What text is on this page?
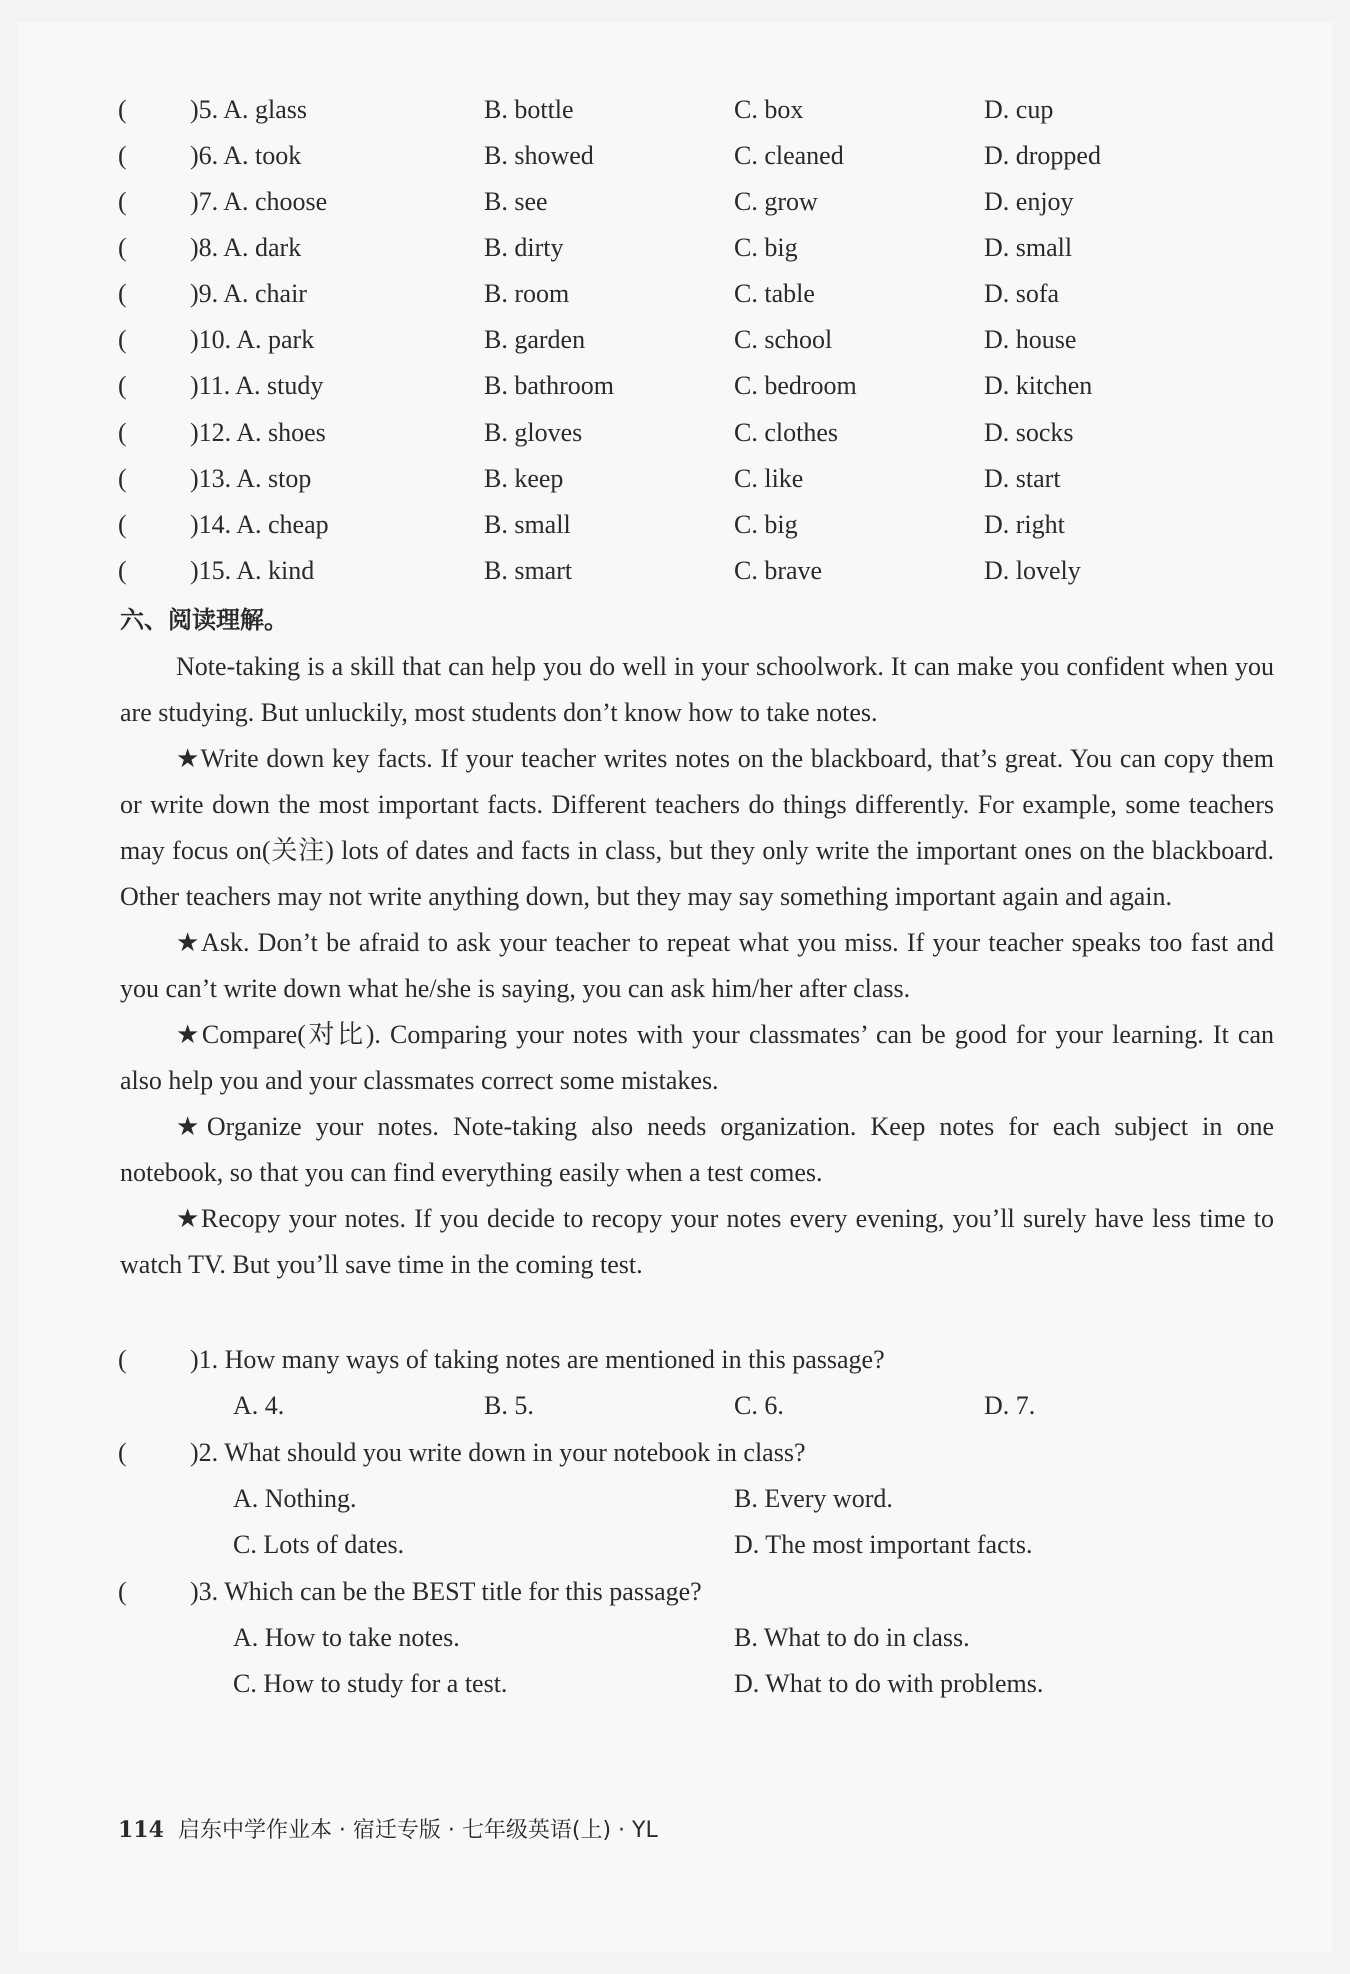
( )5. A. glass	B. bottle	C. box	D. cup
( )6. A. took	B. showed	C. cleaned	D. dropped
( )7. A. choose	B. see	C. grow	D. enjoy
( )8. A. dark	B. dirty	C. big	D. small
( )9. A. chair	B. room	C. table	D. sofa
( )10. A. park	B. garden	C. school	D. house
( )11. A. study	B. bathroom	C. bedroom	D. kitchen
( )12. A. shoes	B. gloves	C. clothes	D. socks
( )13. A. stop	B. keep	C. like	D. start
( )14. A. cheap	B. small	C. big	D. right
( )15. A. kind	B. smart	C. brave	D. lovely
六、阅读理解。

Note-taking is a skill that can help you do well in your schoolwork. It can make you confident when you are studying. But unluckily, most students don’t know how to take notes.

★Write down key facts. If your teacher writes notes on the blackboard, that’s great. You can copy them or write down the most important facts. Different teachers do things differently. For example, some teachers may focus on(关注) lots of dates and facts in class, but they only write the important ones on the blackboard. Other teachers may not write anything down, but they may say something important again and again.

★Ask. Don’t be afraid to ask your teacher to repeat what you miss. If your teacher speaks too fast and you can’t write down what he/she is saying, you can ask him/her after class.

★Compare(对比). Comparing your notes with your classmates’ can be good for your learning. It can also help you and your classmates correct some mistakes.

★Organize your notes. Note-taking also needs organization. Keep notes for each subject in one notebook, so that you can find everything easily when a test comes.

★Recopy your notes. If you decide to recopy your notes every evening, you’ll surely have less time to watch TV. But you’ll save time in the coming test.

( )1. How many ways of taking notes are mentioned in this passage?
A. 4.	B. 5.	C. 6.	D. 7.
( )2. What should you write down in your notebook in class?
A. Nothing.	B. Every word.
C. Lots of dates.	D. The most important facts.
( )3. Which can be the BEST title for this passage?
A. How to take notes.	B. What to do in class.
C. How to study for a test.	D. What to do with problems.
114 启东中学作业本 · 宿迁专版 · 七年级英语(上) · YL
